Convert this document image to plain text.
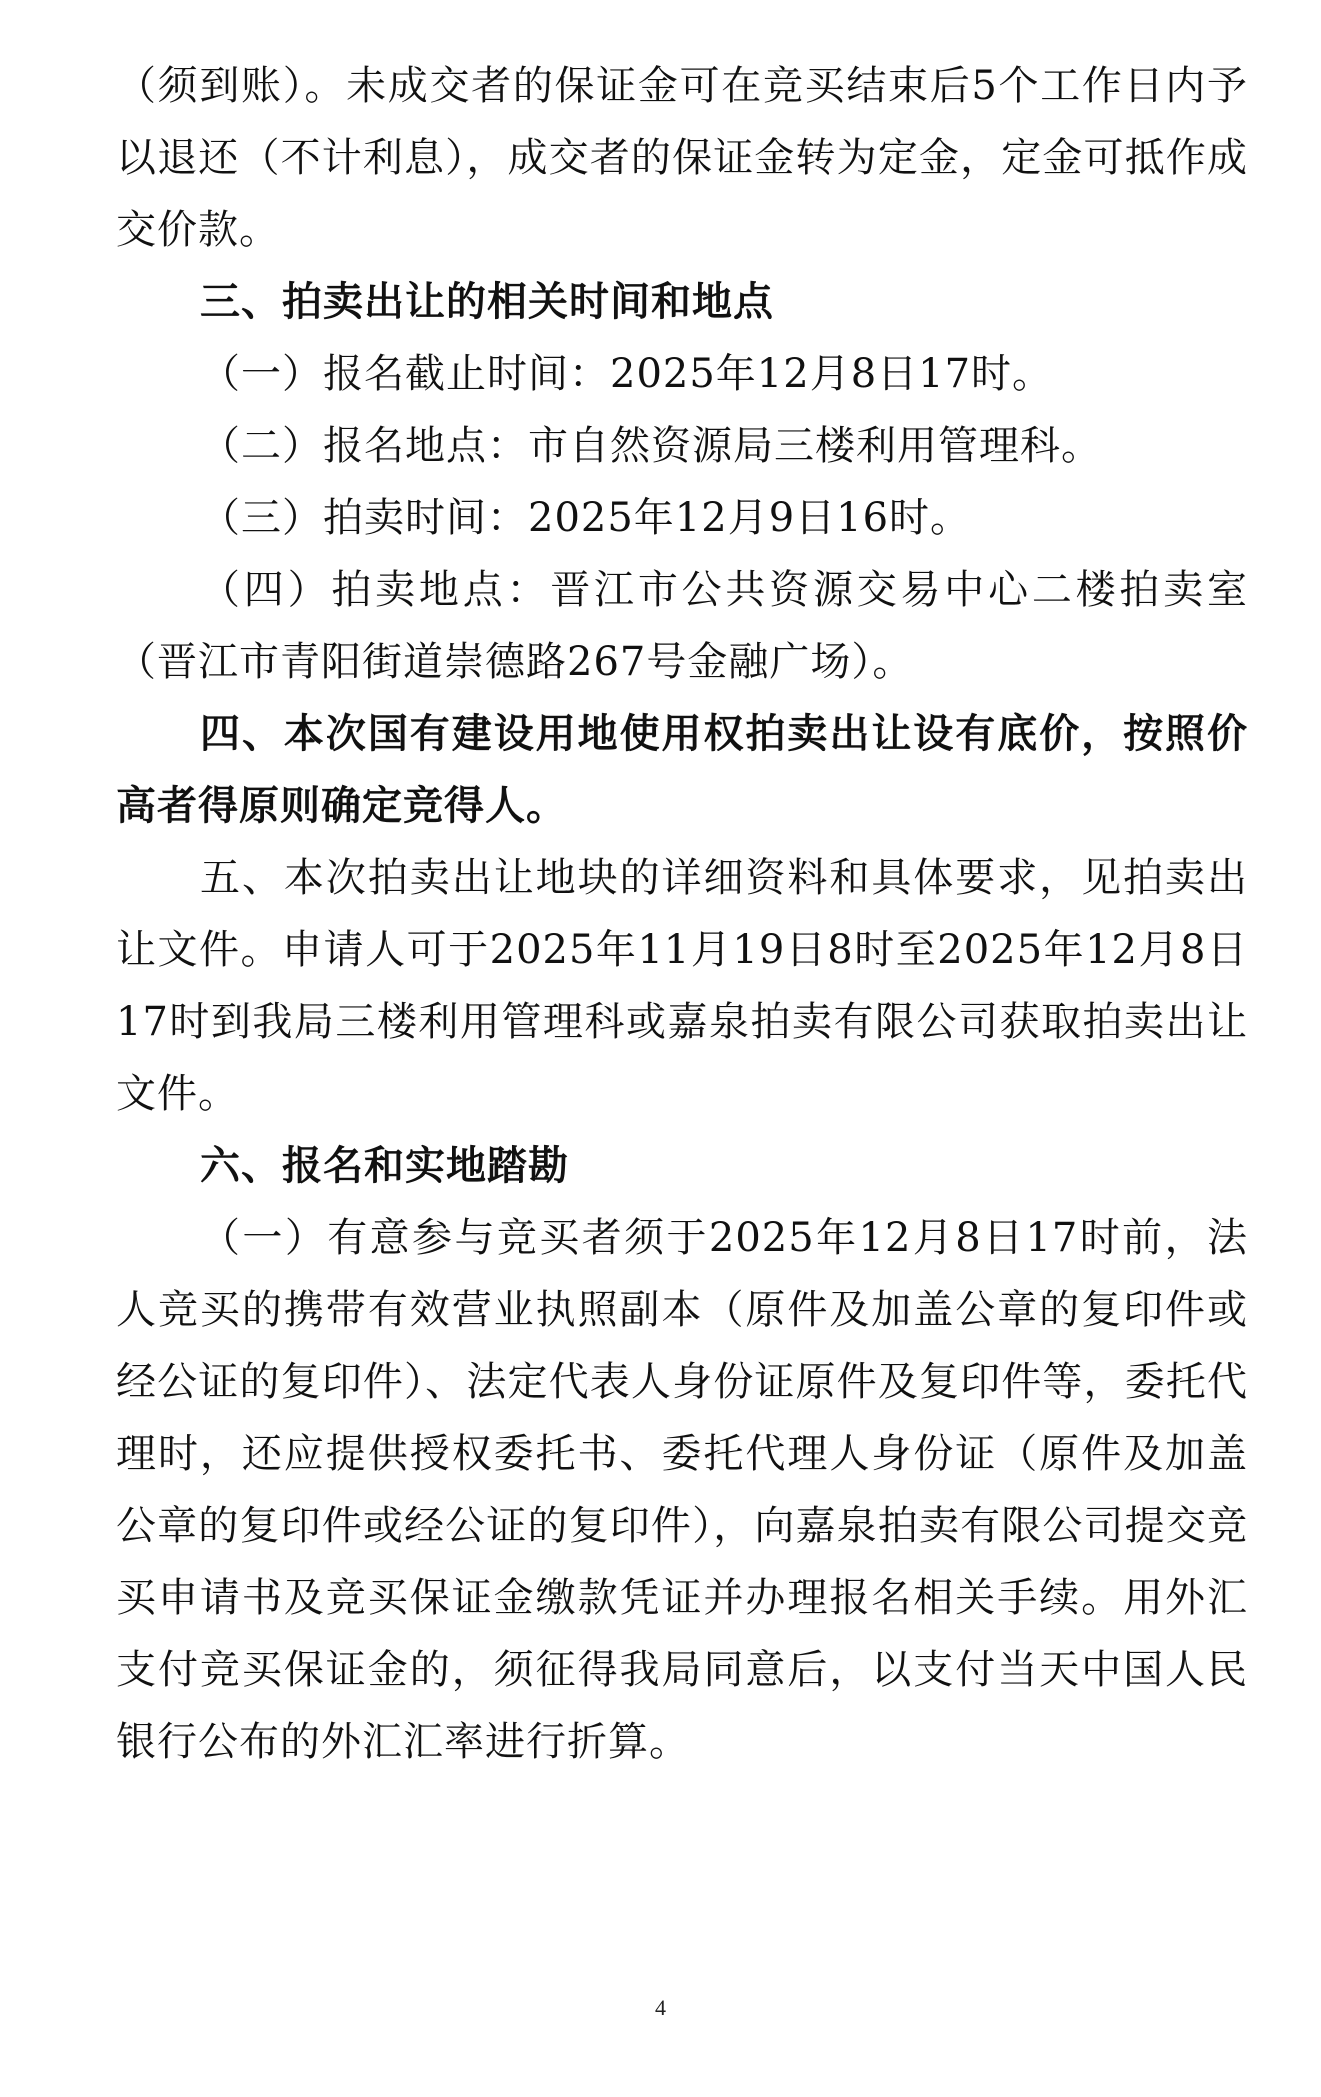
（须到账）。未成交者的保证金可在竞买结束后5个工作日内予以退还（不计利息），成交者的保证金转为定金，定金可抵作成交价款。

三、拍卖出让的相关时间和地点

（一）报名截止时间：2025年12月8日17时。

（二）报名地点：市自然资源局三楼利用管理科。

（三）拍卖时间：2025年12月9日16时。

（四）拍卖地点：晋江市公共资源交易中心二楼拍卖室（晋江市青阳街道崇德路267号金融广场）。

四、本次国有建设用地使用权拍卖出让设有底价，按照价高者得原则确定竞得人。

五、本次拍卖出让地块的详细资料和具体要求，见拍卖出让文件。申请人可于2025年11月19日8时至2025年12月8日17时到我局三楼利用管理科或嘉泉拍卖有限公司获取拍卖出让文件。

六、报名和实地踏勘

（一）有意参与竞买者须于2025年12月8日17时前，法人竞买的携带有效营业执照副本（原件及加盖公章的复印件或经公证的复印件）、法定代表人身份证原件及复印件等，委托代理时，还应提供授权委托书、委托代理人身份证（原件及加盖公章的复印件或经公证的复印件），向嘉泉拍卖有限公司提交竞买申请书及竞买保证金缴款凭证并办理报名相关手续。用外汇支付竞买保证金的，须征得我局同意后，以支付当天中国人民银行公布的外汇汇率进行折算。

4
